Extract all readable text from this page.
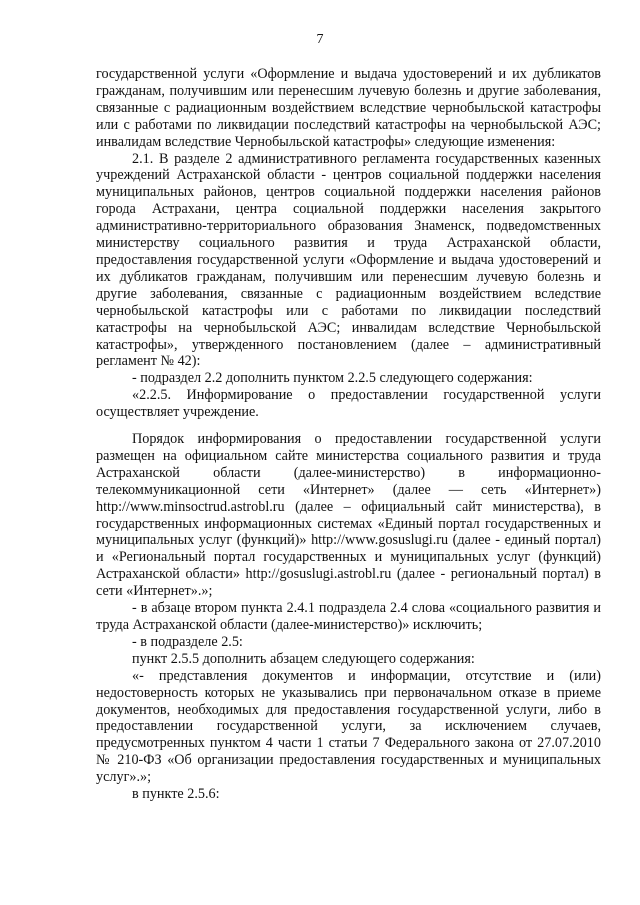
7

государственной услуги «Оформление и выдача удостоверений и их дубликатов гражданам, получившим или перенесшим лучевую болезнь и другие заболевания, связанные с радиационным воздействием вследствие чернобыльской катастрофы или с работами по ликвидации последствий катастрофы на чернобыльской АЭС; инвалидам вследствие Чернобыльской катастрофы» следующие изменения:

2.1. В разделе 2 административного регламента государственных казенных учреждений Астраханской области - центров социальной поддержки населения муниципальных районов, центров социальной поддержки населения районов города Астрахани, центра социальной поддержки населения закрытого административно-территориального образования Знаменск, подведомственных министерству социального развития и труда Астраханской области, предоставления государственной услуги «Оформление и выдача удостоверений и их дубликатов гражданам, получившим или перенесшим лучевую болезнь и другие заболевания, связанные с радиационным воздействием вследствие чернобыльской катастрофы или с работами по ликвидации последствий катастрофы на чернобыльской АЭС; инвалидам вследствие Чернобыльской катастрофы», утвержденного постановлением (далее – административный регламент № 42):

- подраздел 2.2 дополнить пунктом 2.2.5 следующего содержания:

«2.2.5. Информирование о предоставлении государственной услуги осуществляет учреждение.

Порядок информирования о предоставлении государственной услуги размещен на официальном сайте министерства социального развития и труда Астраханской области (далее-министерство) в информационно-телекоммуникационной сети «Интернет» (далее — сеть «Интернет») http://www.minsoctrud.astrobl.ru (далее – официальный сайт министерства), в государственных информационных системах «Единый портал государственных и муниципальных услуг (функций)» http://www.gosuslugi.ru (далее - единый портал) и «Региональный портал государственных и муниципальных услуг (функций) Астраханской области» http://gosuslugi.astrobl.ru (далее - региональный портал) в сети «Интернет».»;

- в абзаце втором пункта 2.4.1 подраздела 2.4 слова «социального развития и труда Астраханской области (далее-министерство)» исключить;

- в подразделе 2.5:

пункт 2.5.5 дополнить абзацем следующего содержания:

«- представления документов и информации, отсутствие и (или) недостоверность которых не указывались при первоначальном отказе в приеме документов, необходимых для предоставления государственной услуги, либо в предоставлении государственной услуги, за исключением случаев, предусмотренных пунктом 4 части 1 статьи 7 Федерального закона от 27.07.2010 № 210-ФЗ «Об организации предоставления государственных и муниципальных услуг».»;

в пункте 2.5.6:
